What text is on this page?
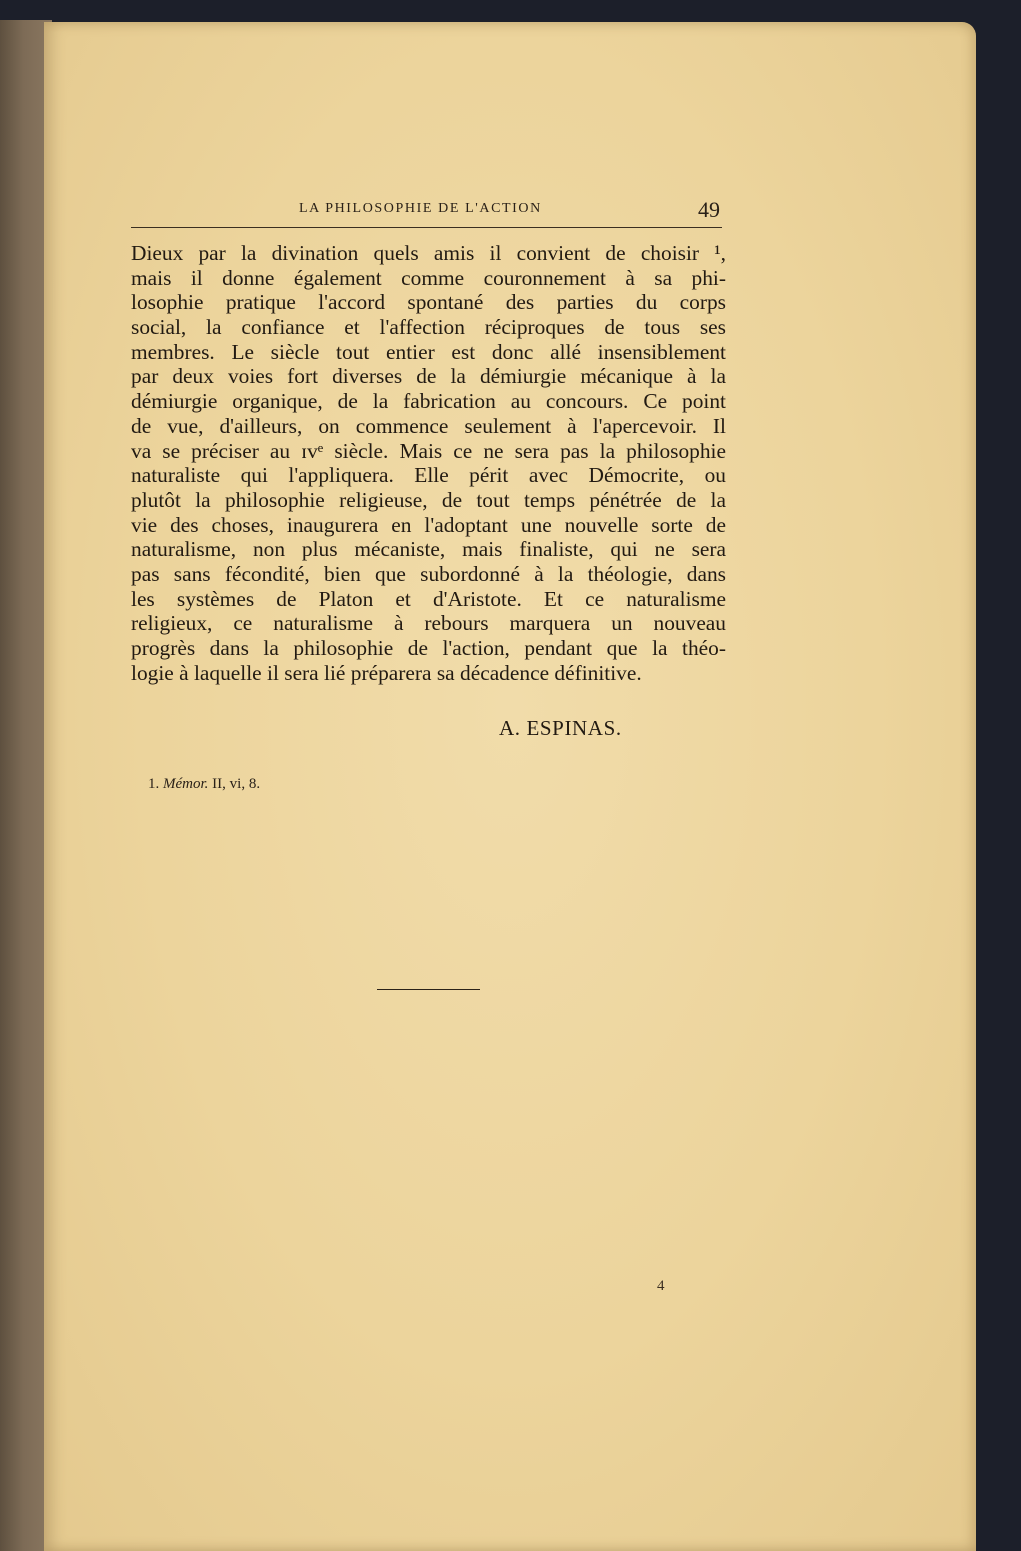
LA PHILOSOPHIE DE L'ACTION	49
Dieux par la divination quels amis il convient de choisir ¹,
mais il donne également comme couronnement à sa phi-
losophie pratique l'accord spontané des parties du corps
social, la confiance et l'affection réciproques de tous ses
membres. Le siècle tout entier est donc allé insensiblement
par deux voies fort diverses de la démiurgie mécanique à la
démiurgie organique, de la fabrication au concours. Ce point
de vue, d'ailleurs, on commence seulement à l'apercevoir. Il
va se préciser au ɪᴠᵉ siècle. Mais ce ne sera pas la philosophie
naturaliste qui l'appliquera. Elle périt avec Démocrite, ou
plutôt la philosophie religieuse, de tout temps pénétrée de la
vie des choses, inaugurera en l'adoptant une nouvelle sorte de
naturalisme, non plus mécaniste, mais finaliste, qui ne sera
pas sans fécondité, bien que subordonné à la théologie, dans
les systèmes de Platon et d'Aristote. Et ce naturalisme
religieux, ce naturalisme à rebours marquera un nouveau
progrès dans la philosophie de l'action, pendant que la théo-
logie à laquelle il sera lié préparera sa décadence définitive.
A. ESPINAS.
1. Mémor. II, vi, 8.
4
